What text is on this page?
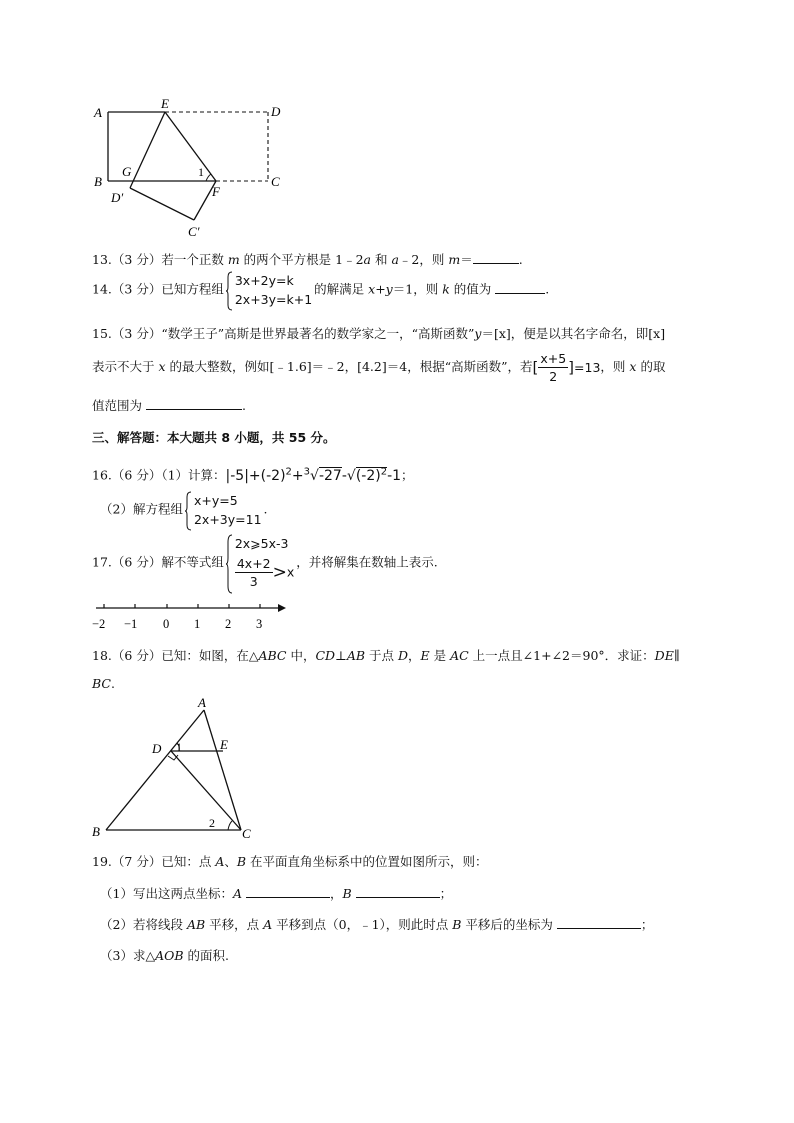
A
E
D
B
G	1
F
C
D′
C′
13.（3 分）若一个正数 m 的两个平方根是 1﹣2a 和 a﹣2，则 m＝	.
14.（3 分）已知方程组
3x+2y=k
2x+3y=k+1
的解满足 x+y＝1，则 k 的值为	.
15.（3 分）“数学王子”高斯是世界最著名的数学家之一，“高斯函数”y＝[x]，便是以其名字命名，即[x]
表示不大于 x 的最大整数，例如[﹣1.6]＝﹣2，[4.2]＝4，根据“高斯函数”，若[ $\frac{x+5}{2} ]=13$，则 x 的取
值范围为	.
三、解答题：本大题共 8 小题，共 55 分。
16.（6 分）（1）计算：$|-5|+(-2)^2+^3√-27-√(-2)^2-1$；
（2）解方程组
x+y=5
2x+3y=11
.
17.（6 分）解不等式组
2x⩾5x-3
$\frac{4x+2}{3} >x$
，并将解集在数轴上表示.
−2 −1 0 1 2 3
18.（6 分）已知：如图，在△ABC 中，CD⊥AB 于点 D，E 是 AC 上一点且∠1+∠2＝90°．求证：DE∥
BC.
A
D 1	E
B
2
C
19.（7 分）已知：点 A、B 在平面直角坐标系中的位置如图所示，则：
（1）写出这两点坐标：A	，B	；
（2）若将线段 AB 平移，点 A 平移到点（0，﹣1），则此时点 B 平移后的坐标为	；
（3）求△AOB 的面积.
